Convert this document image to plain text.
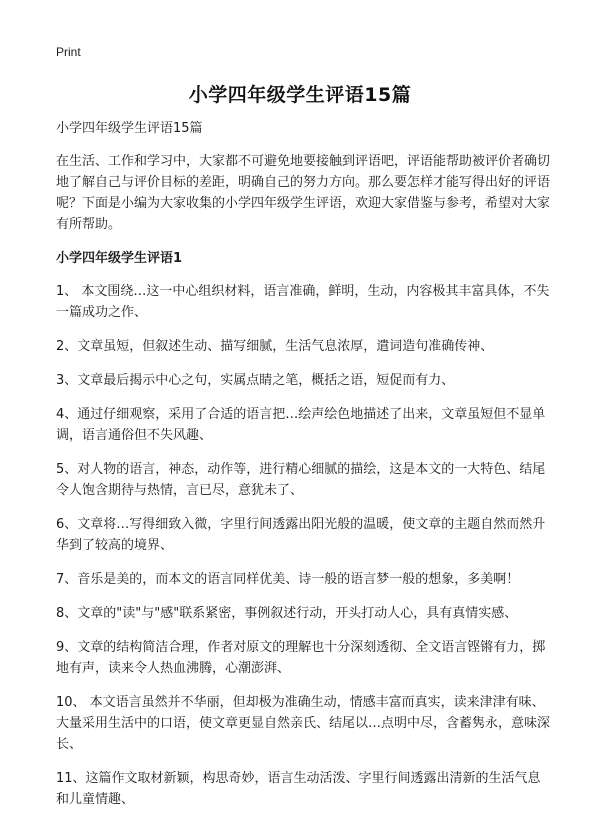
Print
小学四年级学生评语15篇

小学四年级学生评语15篇

在生活、工作和学习中，大家都不可避免地要接触到评语吧，评语能帮助被评价者确切地了解自己与评价目标的差距，明确自己的努力方向。那么要怎样才能写得出好的评语呢？下面是小编为大家收集的小学四年级学生评语，欢迎大家借鉴与参考，希望对大家有所帮助。

小学四年级学生评语1

1、 本文围绕…这一中心组织材料，语言准确，鲜明，生动，内容极其丰富具体，不失一篇成功之作、

2、文章虽短，但叙述生动、描写细腻，生活气息浓厚，遣词造句准确传神、

3、文章最后揭示中心之句，实属点睛之笔，概括之语，短促而有力、

4、通过仔细观察，采用了合适的语言把…绘声绘色地描述了出来，文章虽短但不显单调，语言通俗但不失风趣、

5、对人物的语言，神态，动作等，进行精心细腻的描绘，这是本文的一大特色、结尾令人饱含期待与热情，言已尽，意犹未了、

6、文章将…写得细致入微，字里行间透露出阳光般的温暖，使文章的主题自然而然升华到了较高的境界、

7、音乐是美的，而本文的语言同样优美、诗一般的语言梦一般的想象，多美啊！

8、文章的"读"与"感"联系紧密，事例叙述行动，开头打动人心，具有真情实感、

9、文章的结构简洁合理，作者对原文的理解也十分深刻透彻、全文语言铿锵有力，掷地有声，读来令人热血沸腾，心潮澎湃、

10、 本文语言虽然并不华丽，但却极为准确生动，情感丰富而真实，读来津津有味、大量采用生活中的口语，使文章更显自然亲氏、结尾以…点明中尽，含蓄隽永，意味深长、

11、这篇作文取材新颖，构思奇妙，语言生动活泼、字里行间透露出清新的生活气息和儿童情趣、
